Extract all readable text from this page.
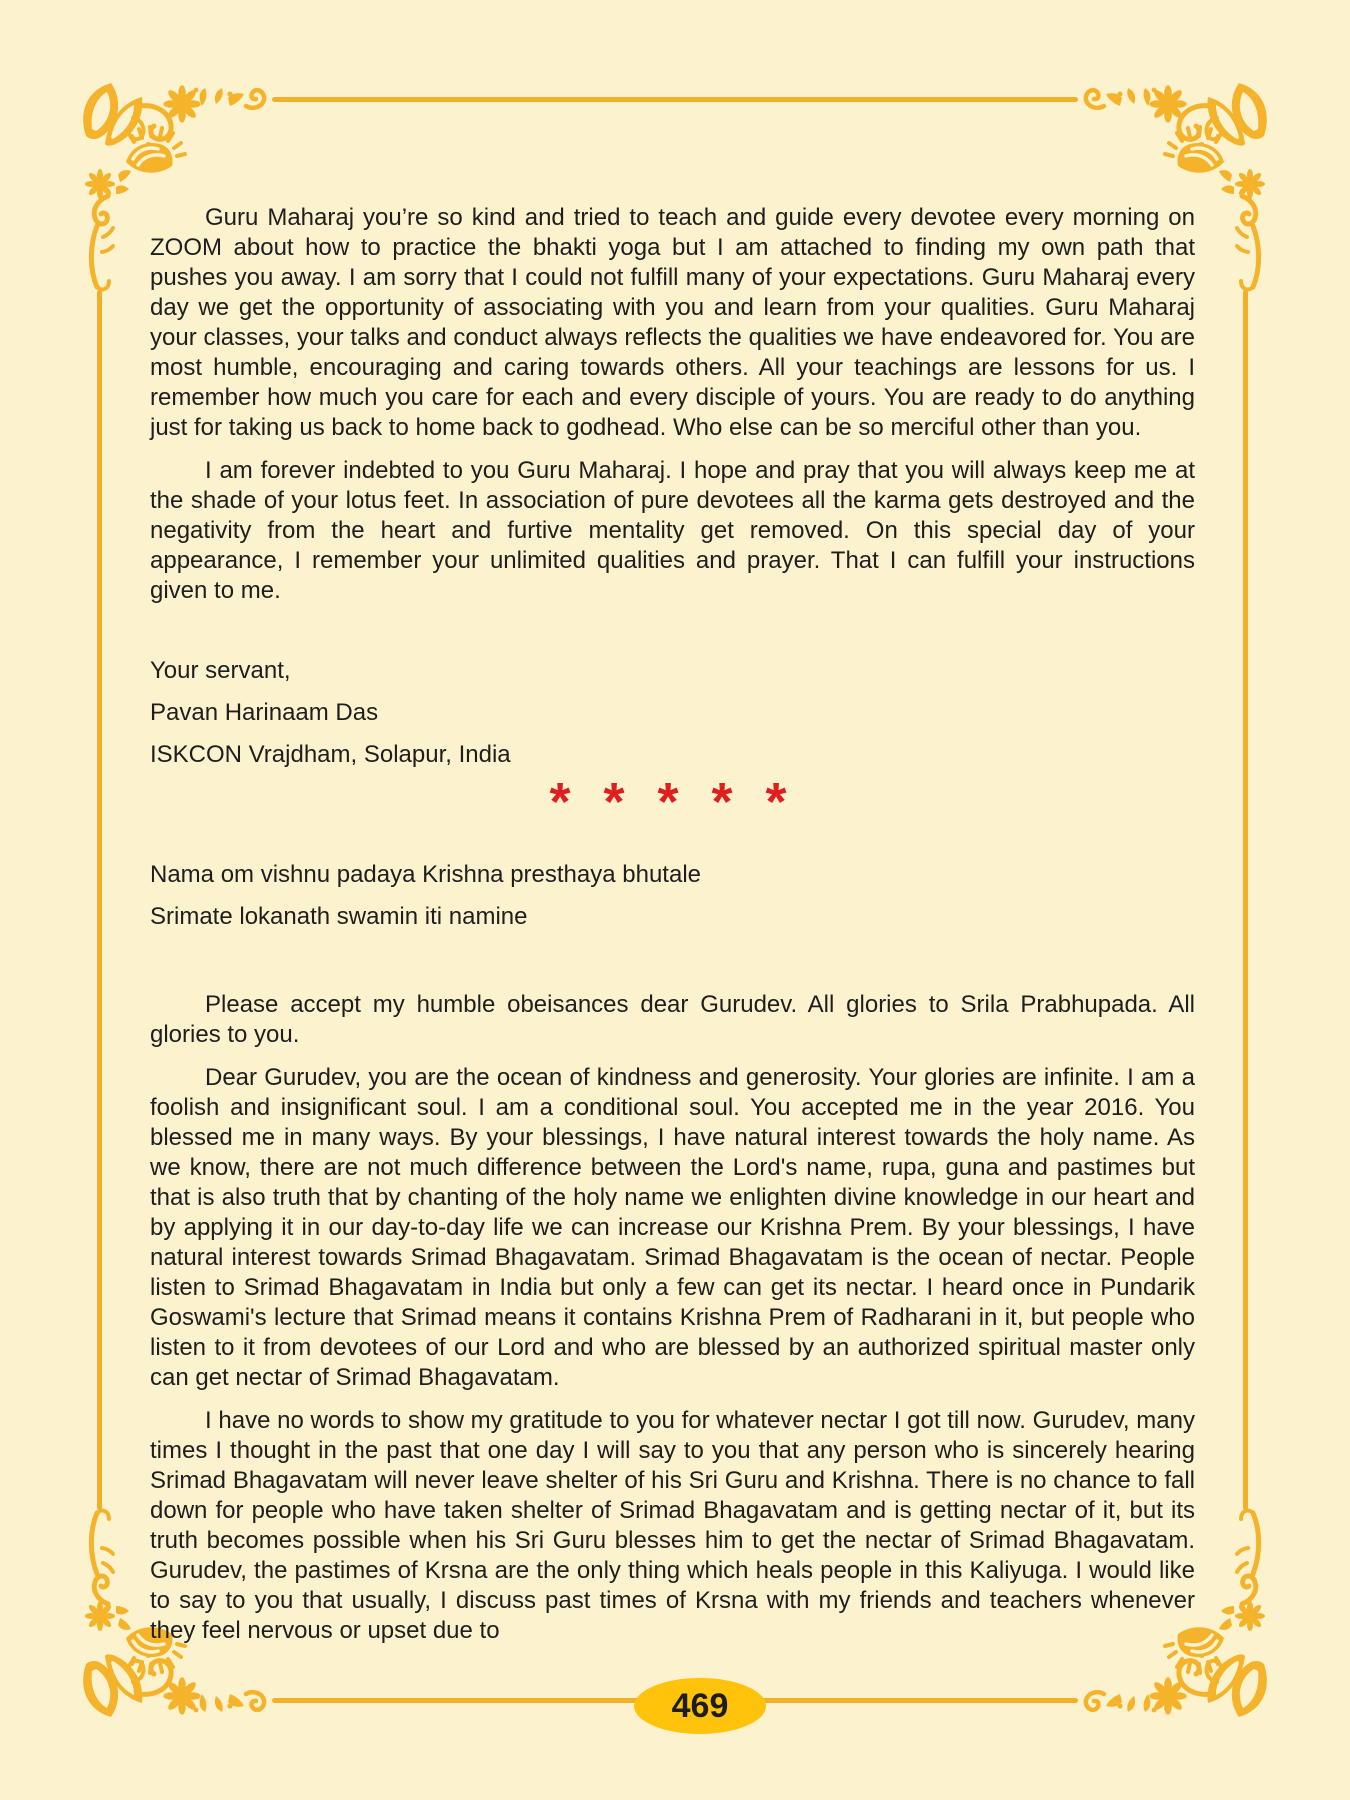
Guru Maharaj you’re so kind and tried to teach and guide every devotee every morning on ZOOM about how to practice the bhakti yoga but I am attached to finding my own path that pushes you away. I am sorry that I could not fulfill many of your expectations. Guru Maharaj every day we get the opportunity of associating with you and learn from your qualities. Guru Maharaj your classes, your talks and conduct always reflects the qualities we have endeavored for. You are most humble, encouraging and caring towards others. All your teachings are lessons for us. I remember how much you care for each and every disciple of yours. You are ready to do anything just for taking us back to home back to godhead. Who else can be so merciful other than you.

I am forever indebted to you Guru Maharaj. I hope and pray that you will always keep me at the shade of your lotus feet. In association of pure devotees all the karma gets destroyed and the negativity from the heart and furtive mentality get removed. On this special day of your appearance, I remember your unlimited qualities and prayer. That I can fulfill your instructions given to me.

Your servant,

Pavan Harinaam Das

ISKCON Vrajdham, Solapur, India

* * * * *

Nama om vishnu padaya Krishna presthaya bhutale

Srimate lokanath swamin iti namine

Please accept my humble obeisances dear Gurudev. All glories to Srila Prabhupada. All glories to you.

Dear Gurudev, you are the ocean of kindness and generosity. Your glories are infinite. I am a foolish and insignificant soul. I am a conditional soul. You accepted me in the year 2016. You blessed me in many ways. By your blessings, I have natural interest towards the holy name. As we know, there are not much difference between the Lord's name, rupa, guna and pastimes but that is also truth that by chanting of the holy name we enlighten divine knowledge in our heart and by applying it in our day-to-day life we can increase our Krishna Prem. By your blessings, I have natural interest towards Srimad Bhagavatam. Srimad Bhagavatam is the ocean of nectar. People listen to Srimad Bhagavatam in India but only a few can get its nectar. I heard once in Pundarik Goswami's lecture that Srimad means it contains Krishna Prem of Radharani in it, but people who listen to it from devotees of our Lord and who are blessed by an authorized spiritual master only can get nectar of Srimad Bhagavatam.

I have no words to show my gratitude to you for whatever nectar I got till now. Gurudev, many times I thought in the past that one day I will say to you that any person who is sincerely hearing Srimad Bhagavatam will never leave shelter of his Sri Guru and Krishna. There is no chance to fall down for people who have taken shelter of Srimad Bhagavatam and is getting nectar of it, but its truth becomes possible when his Sri Guru blesses him to get the nectar of Srimad Bhagavatam. Gurudev, the pastimes of Krsna are the only thing which heals people in this Kaliyuga. I would like to say to you that usually, I discuss past times of Krsna with my friends and teachers whenever they feel nervous or upset due to

469
